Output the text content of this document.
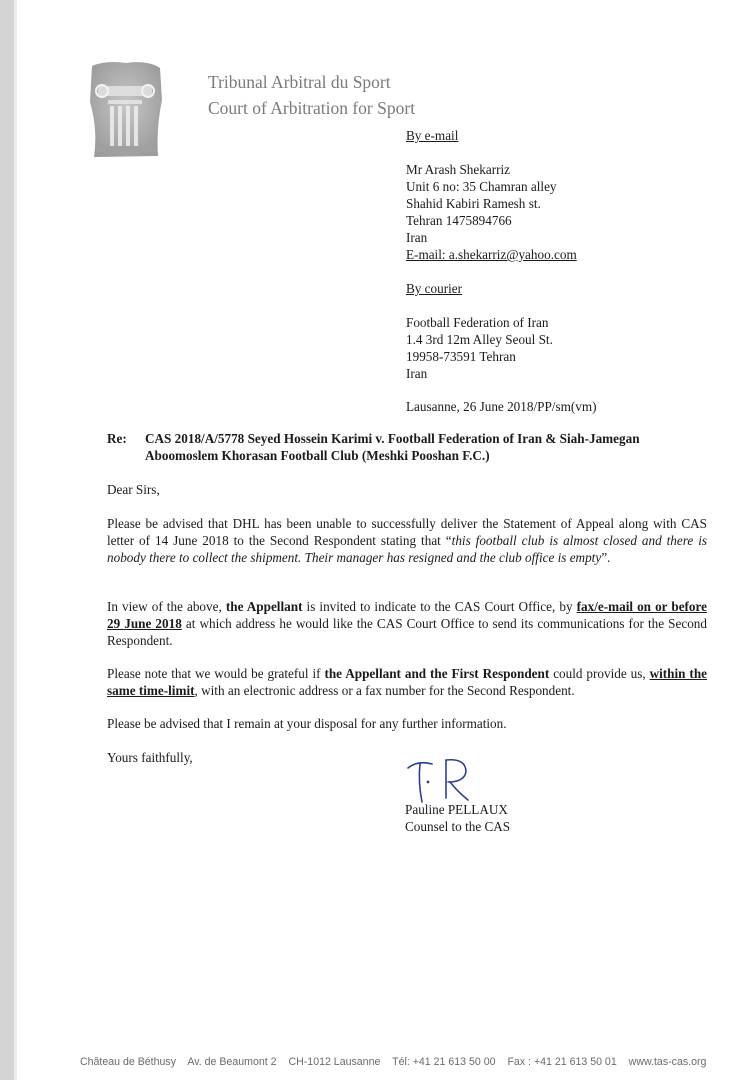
Tribunal Arbitral du Sport
Court of Arbitration for Sport
By e-mail
Mr Arash Shekarriz
Unit 6 no: 35 Chamran alley
Shahid Kabiri Ramesh st.
Tehran 1475894766
Iran
E-mail: a.shekarriz@yahoo.com
By courier
Football Federation of Iran
1.4 3rd 12m Alley Seoul St.
19958-73591 Tehran
Iran
Lausanne, 26 June 2018/PP/sm(vm)
Re: CAS 2018/A/5778 Seyed Hossein Karimi v. Football Federation of Iran & Siah-Jamegan
Aboomoslem Khorasan Football Club (Meshki Pooshan F.C.)
Dear Sirs,
Please be advised that DHL has been unable to successfully deliver the Statement of Appeal along with CAS letter of 14 June 2018 to the Second Respondent stating that “this football club is almost closed and there is nobody there to collect the shipment. Their manager has resigned and the club office is empty”.
In view of the above, the Appellant is invited to indicate to the CAS Court Office, by fax/e-mail on or before 29 June 2018 at which address he would like the CAS Court Office to send its communications for the Second Respondent.
Please note that we would be grateful if the Appellant and the First Respondent could provide us, within the same time-limit, with an electronic address or a fax number for the Second Respondent.
Please be advised that I remain at your disposal for any further information.
Yours faithfully,
Pauline PELLAUX
Counsel to the CAS
Château de Béthusy Av. de Beaumont 2 CH-1012 Lausanne Tél: +41 21 613 50 00 Fax : +41 21 613 50 01 www.tas-cas.org
